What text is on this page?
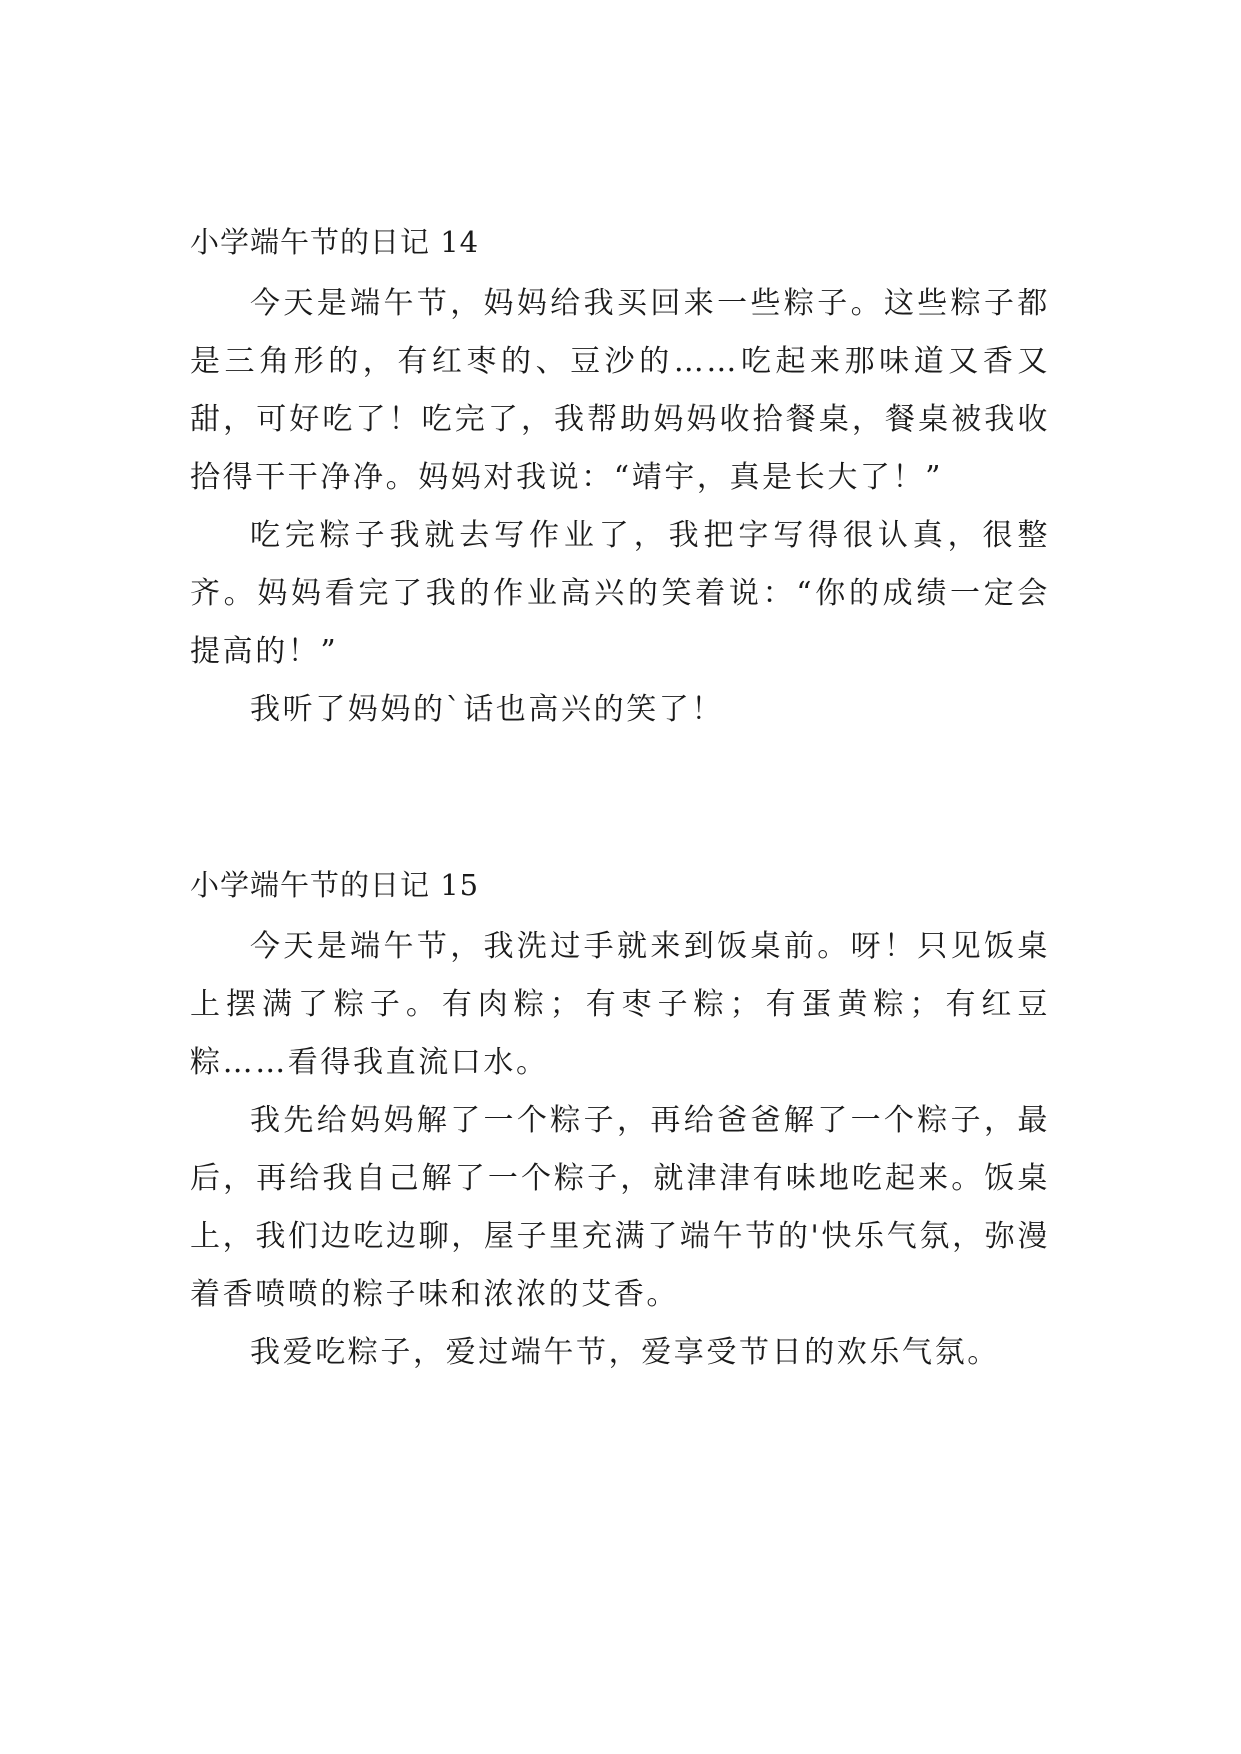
小学端午节的日记 14

今天是端午节，妈妈给我买回来一些粽子。这些粽子都是三角形的，有红枣的、豆沙的……吃起来那味道又香又甜，可好吃了！吃完了，我帮助妈妈收拾餐桌，餐桌被我收拾得干干净净。妈妈对我说：“靖宇，真是长大了！”

吃完粽子我就去写作业了，我把字写得很认真，很整齐。妈妈看完了我的作业高兴的笑着说：“你的成绩一定会提高的！”

我听了妈妈的`话也高兴的笑了！

小学端午节的日记 15

今天是端午节，我洗过手就来到饭桌前。呀！只见饭桌上摆满了粽子。有肉粽；有枣子粽；有蛋黄粽；有红豆粽……看得我直流口水。

我先给妈妈解了一个粽子，再给爸爸解了一个粽子，最后，再给我自己解了一个粽子，就津津有味地吃起来。饭桌上，我们边吃边聊，屋子里充满了端午节的'快乐气氛，弥漫着香喷喷的粽子味和浓浓的艾香。

我爱吃粽子，爱过端午节，爱享受节日的欢乐气氛。
